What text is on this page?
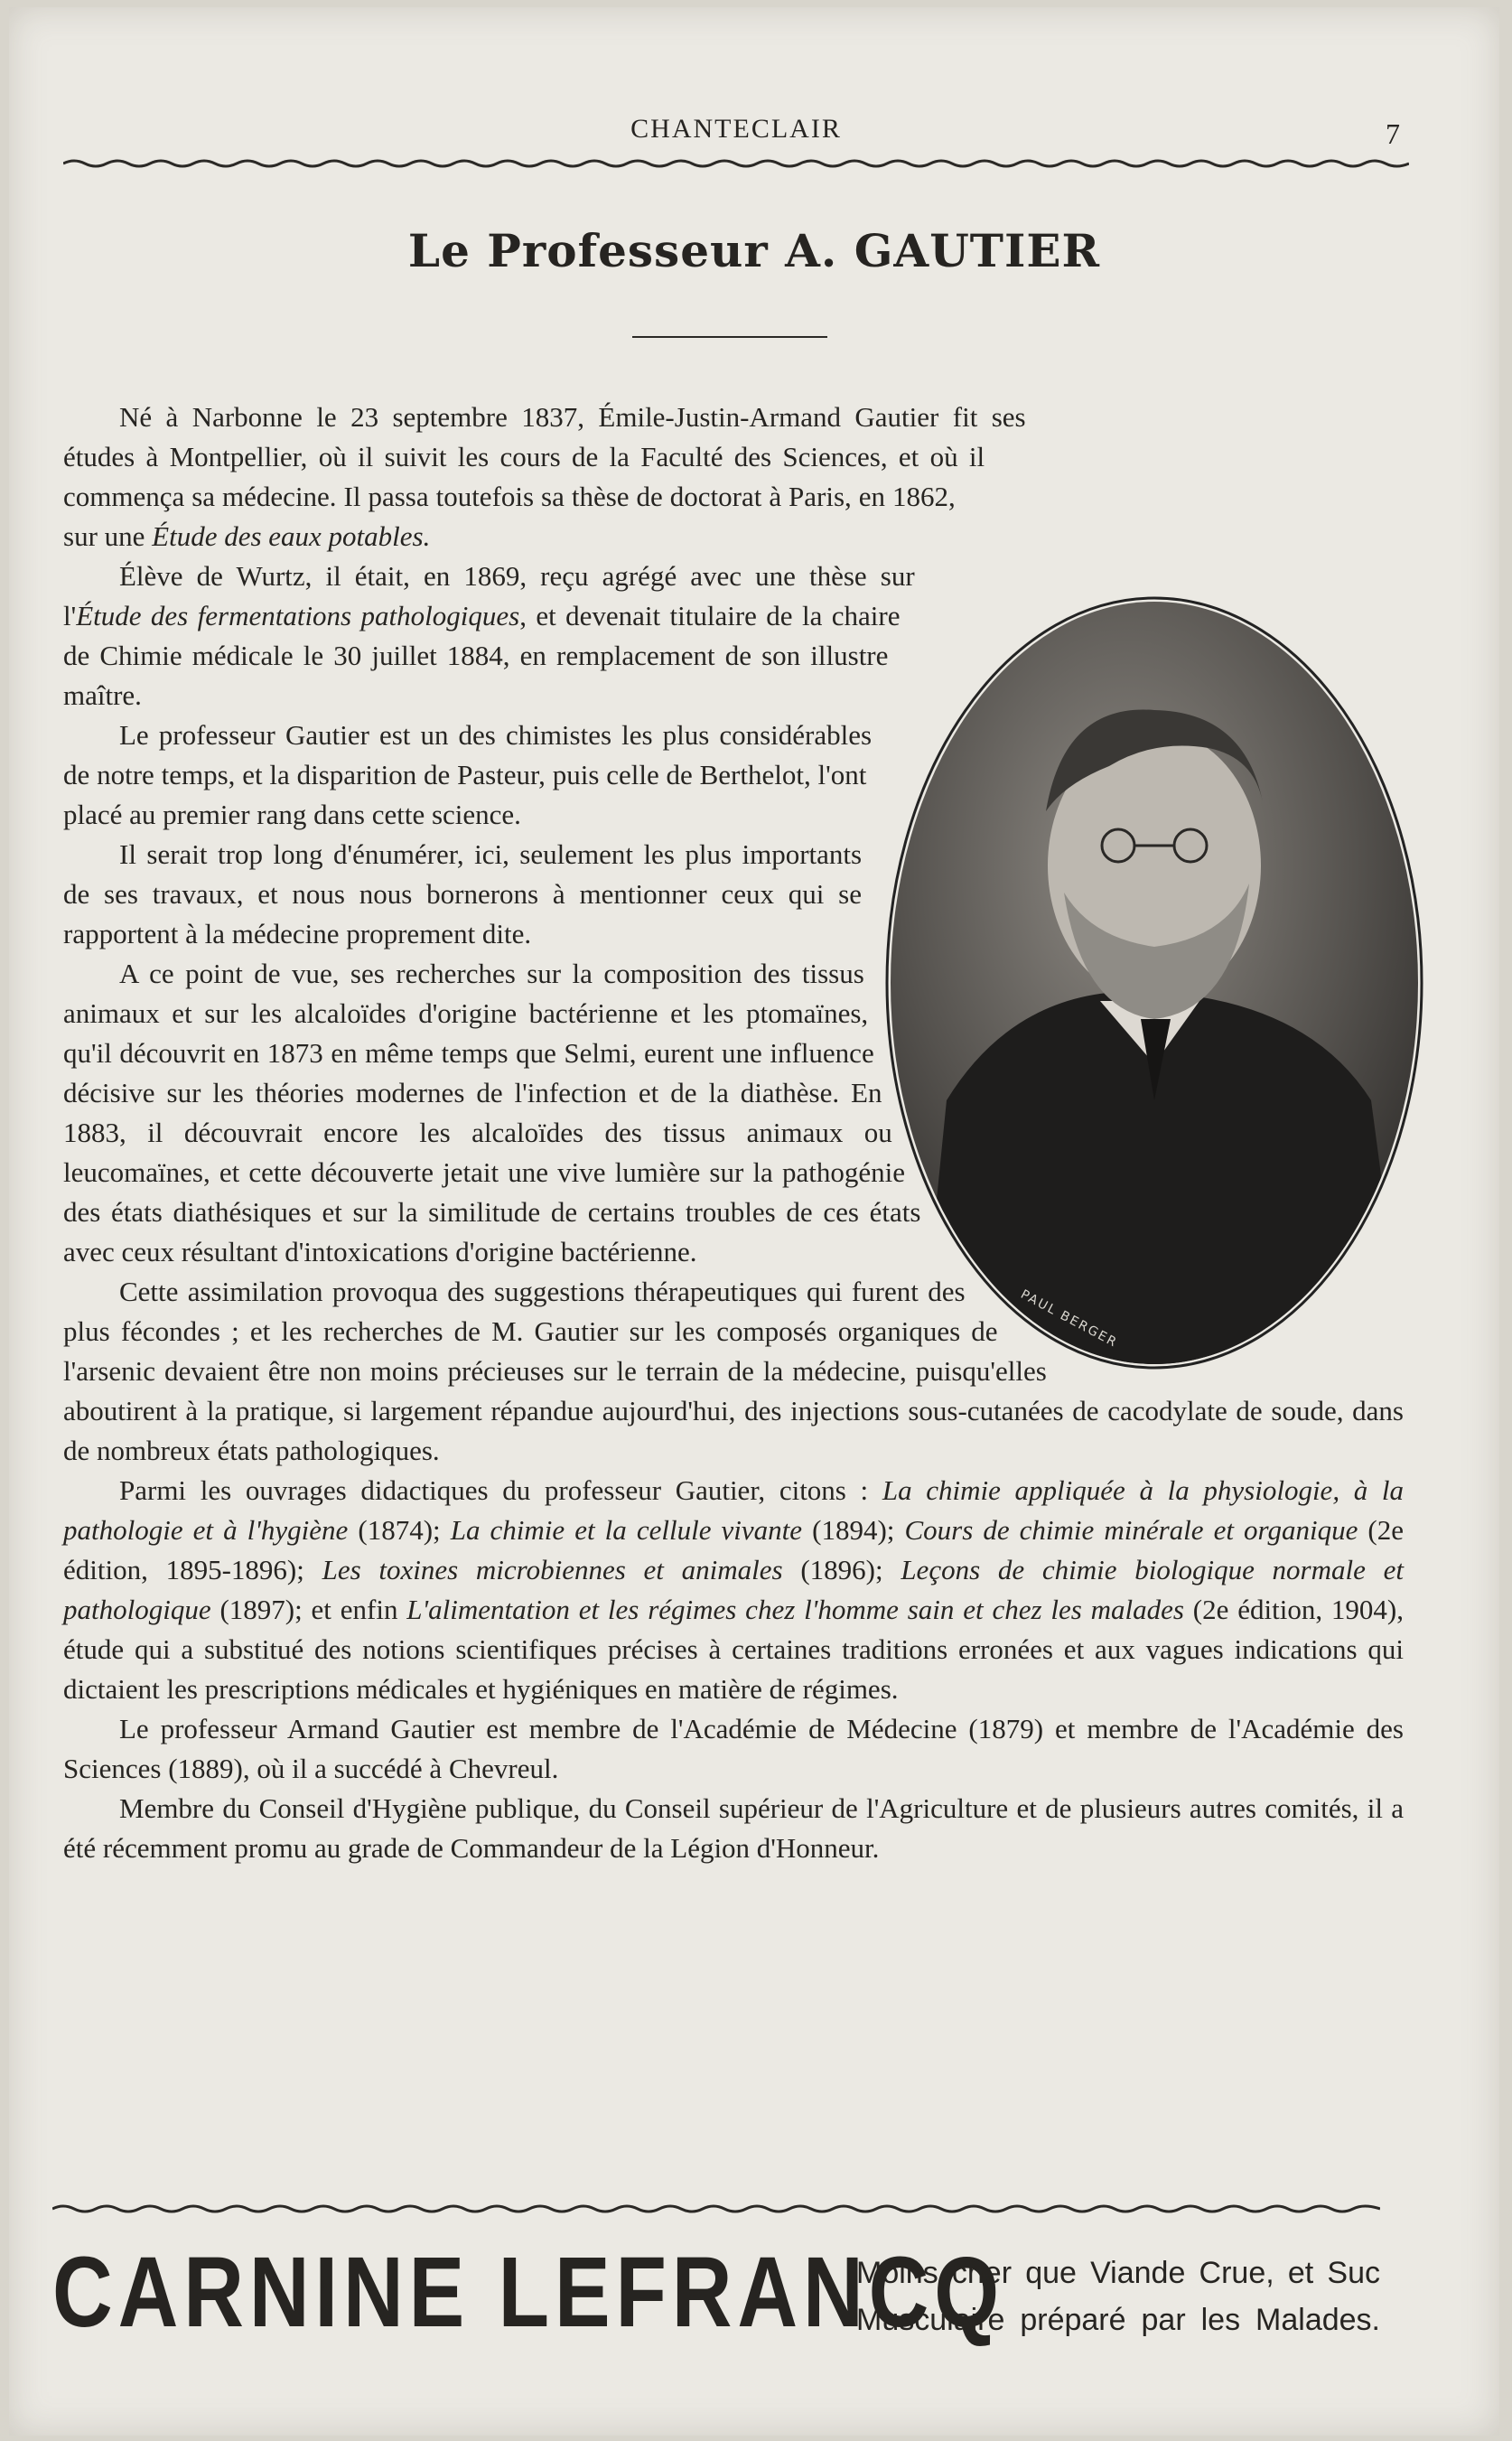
CHANTECLAIR	7
Le Professeur A. GAUTIER
PAUL BERGER

Né à Narbonne le 23 septembre 1837, Émile-Justin-Armand Gautier fit ses études à Montpellier, où il suivit les cours de la Faculté des Sciences, et où il commença sa médecine. Il passa toutefois sa thèse de doctorat à Paris, en 1862, sur une Étude des eaux potables.

Élève de Wurtz, il était, en 1869, reçu agrégé avec une thèse sur l'Étude des fermentations pathologiques, et devenait titulaire de la chaire de Chimie médicale le 30 juillet 1884, en remplacement de son illustre maître.

Le professeur Gautier est un des chimistes les plus considérables de notre temps, et la disparition de Pasteur, puis celle de Berthelot, l'ont placé au premier rang dans cette science.

Il serait trop long d'énumérer, ici, seulement les plus importants de ses travaux, et nous nous bornerons à mentionner ceux qui se rapportent à la médecine proprement dite.

A ce point de vue, ses recherches sur la composition des tissus animaux et sur les alcaloïdes d'origine bactérienne et les ptomaïnes, qu'il découvrit en 1873 en même temps que Selmi, eurent une influence décisive sur les théories modernes de l'infection et de la diathèse. En 1883, il découvrait encore les alcaloïdes des tissus animaux ou leucomaïnes, et cette découverte jetait une vive lumière sur la pathogénie des états diathésiques et sur la similitude de certains troubles de ces états avec ceux résultant d'intoxications d'origine bactérienne.

Cette assimilation provoqua des suggestions thérapeutiques qui furent des plus fécondes ; et les recherches de M. Gautier sur les composés organiques de l'arsenic devaient être non moins précieuses sur le terrain de la médecine, puisqu'elles aboutirent à la pratique, si largement répandue aujourd'hui, des injections sous-cutanées de cacodylate de soude, dans de nombreux états pathologiques.

Parmi les ouvrages didactiques du professeur Gautier, citons : La chimie appliquée à la physiologie, à la pathologie et à l'hygiène (1874); La chimie et la cellule vivante (1894); Cours de chimie minérale et organique (2e édition, 1895-1896); Les toxines microbiennes et animales (1896); Leçons de chimie biologique normale et pathologique (1897); et enfin L'alimentation et les régimes chez l'homme sain et chez les malades (2e édition, 1904), étude qui a substitué des notions scientifiques précises à certaines traditions erronées et aux vagues indications qui dictaient les prescriptions médicales et hygiéniques en matière de régimes.

Le professeur Armand Gautier est membre de l'Académie de Médecine (1879) et membre de l'Académie des Sciences (1889), où il a succédé à Chevreul.

Membre du Conseil d'Hygiène publique, du Conseil supérieur de l'Agriculture et de plusieurs autres comités, il a été récemment promu au grade de Commandeur de la Légion d'Honneur.

CARNINE LEFRANCQ
Moins cher que Viande Crue, et Suc
Musculaire préparé par les Malades.
